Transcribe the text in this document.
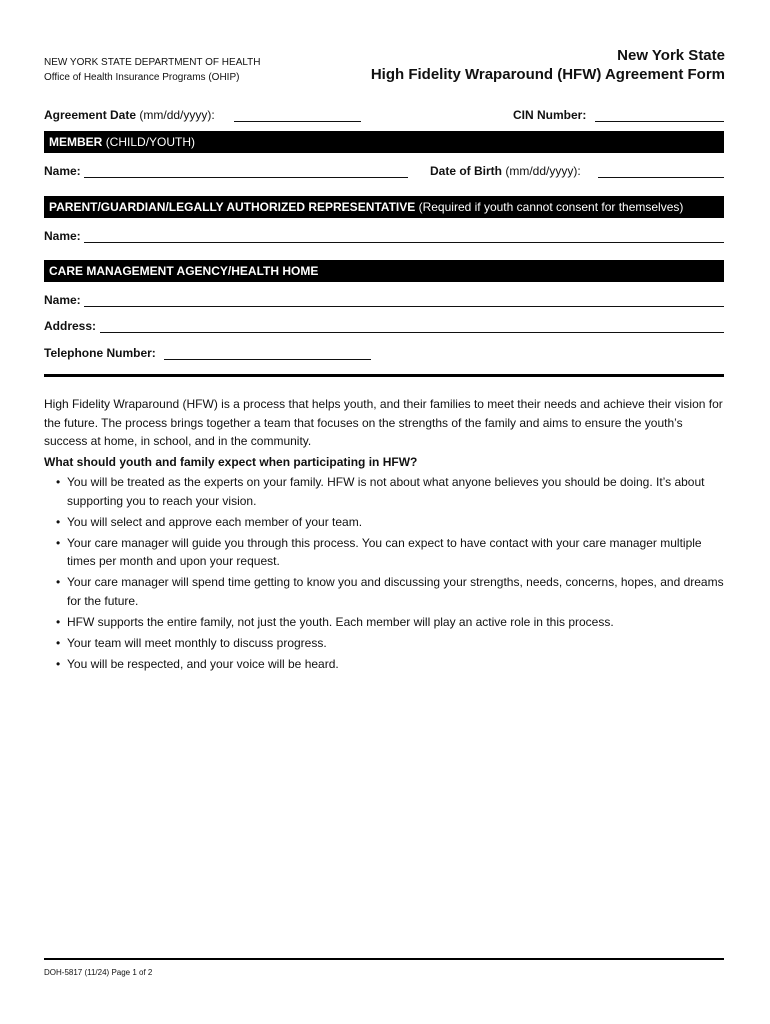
NEW YORK STATE DEPARTMENT OF HEALTH
Office of Health Insurance Programs (OHIP)
New York State
High Fidelity Wraparound (HFW) Agreement Form
Agreement Date (mm/dd/yyyy):	CIN Number:
MEMBER (CHILD/YOUTH)
Name:	Date of Birth (mm/dd/yyyy):
PARENT/GUARDIAN/LEGALLY AUTHORIZED REPRESENTATIVE (Required if youth cannot consent for themselves)
Name:
CARE MANAGEMENT AGENCY/HEALTH HOME
Name:
Address:
Telephone Number:
High Fidelity Wraparound (HFW) is a process that helps youth, and their families to meet their needs and achieve their vision for the future. The process brings together a team that focuses on the strengths of the family and aims to ensure the youth’s success at home, in school, and in the community.
What should youth and family expect when participating in HFW?
• You will be treated as the experts on your family. HFW is not about what anyone believes you should be doing. It’s about supporting you to reach your vision.
• You will select and approve each member of your team.
• Your care manager will guide you through this process. You can expect to have contact with your care manager multiple times per month and upon your request.
• Your care manager will spend time getting to know you and discussing your strengths, needs, concerns, hopes, and dreams for the future.
• HFW supports the entire family, not just the youth. Each member will play an active role in this process.
• Your team will meet monthly to discuss progress.
• You will be respected, and your voice will be heard.
DOH-5817 (11/24) Page 1 of 2
